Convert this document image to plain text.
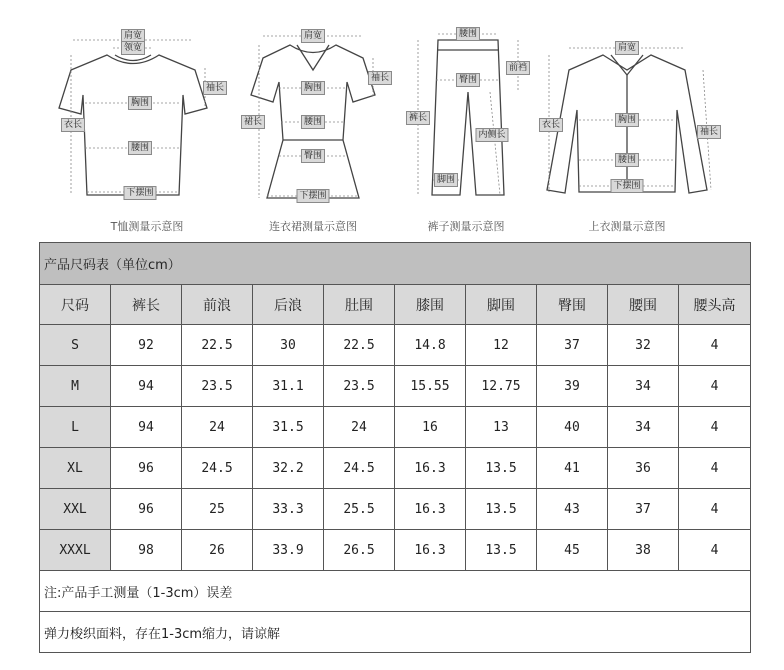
肩宽
领宽
袖长
衣长
胸围
腰围
下摆围
T恤测量示意图
肩宽
袖长
裙长
胸围
腰围
臀围
下摆围
连衣裙测量示意图
腰围
前裆
裤长
臀围
内侧长
脚围
裤子测量示意图
肩宽
衣长
袖长
胸围
腰围
下摆围
上衣测量示意图
产品尺码表（单位cm）									
尺码	裤长	前浪	后浪	肚围	膝围	脚围	臀围	腰围	腰头高
S	92	22.5	30	22.5	14.8	12	37	32	4
M	94	23.5	31.1	23.5	15.55	12.75	39	34	4
L	94	24	31.5	24	16	13	40	34	4
XL	96	24.5	32.2	24.5	16.3	13.5	41	36	4
XXL	96	25	33.3	25.5	16.3	13.5	43	37	4
XXXL	98	26	33.9	26.5	16.3	13.5	45	38	4
注:产品手工测量（1-3cm）误差									
弹力梭织面料，存在1-3cm缩力，请谅解									
